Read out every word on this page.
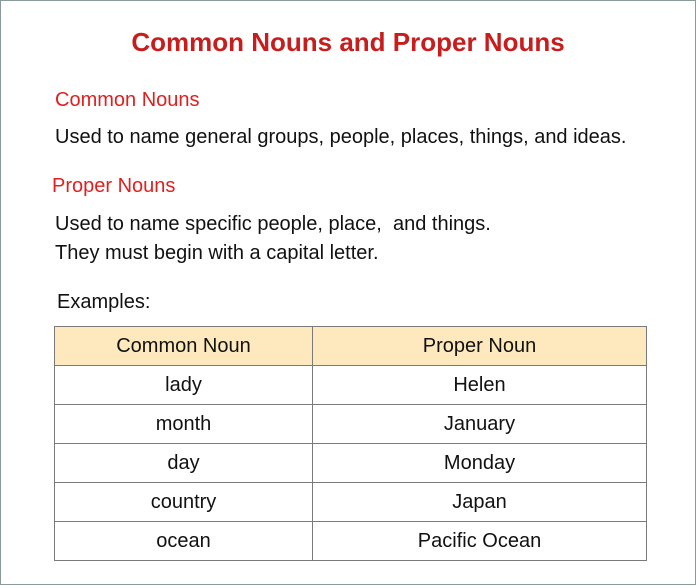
Common Nouns and Proper Nouns
Common Nouns
Used to name general groups, people, places, things, and ideas.
Proper Nouns
Used to name specific people, place,  and things.
They must begin with a capital letter.
Examples:
Common Noun	Proper Noun
lady	Helen
month	January
day	Monday
country	Japan
ocean	Pacific Ocean
